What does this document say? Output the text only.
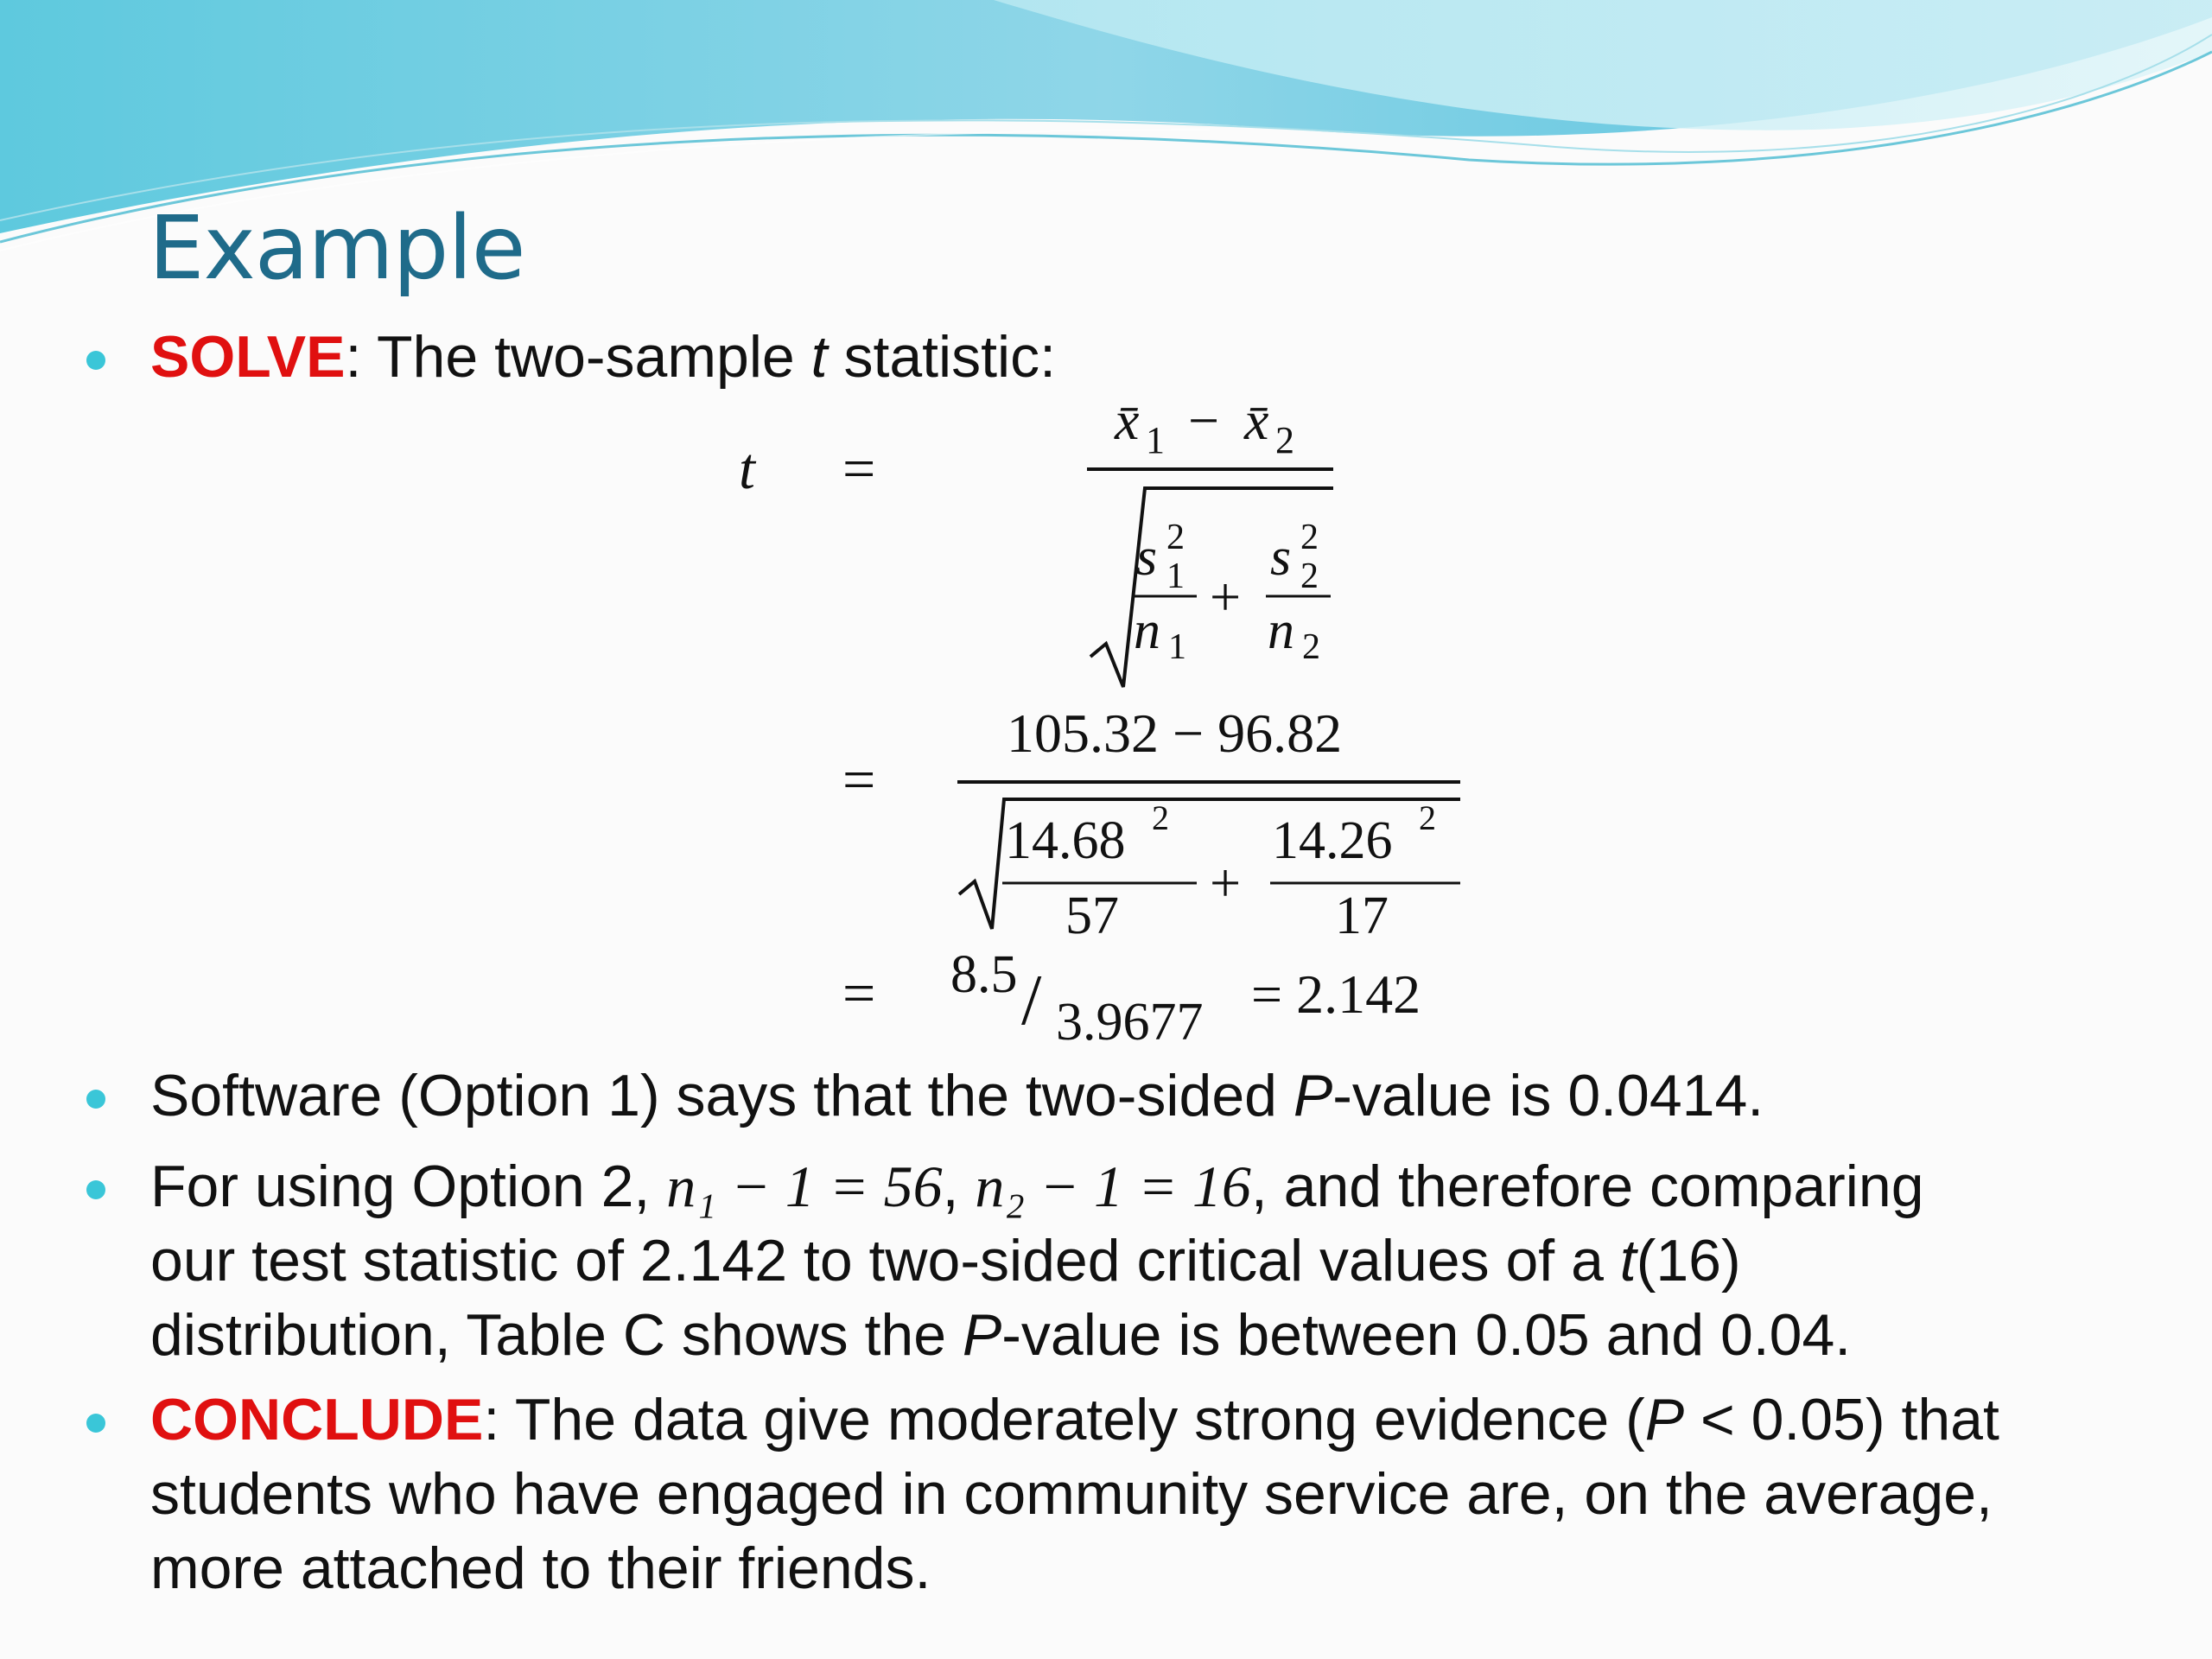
Example
SOLVE: The two-sample t statistic:
Software (Option 1) says that the two-sided P-value is 0.0414.
For using Option 2, n₁ − 1 = 56, n₂ − 1 = 16, and therefore comparing
our test statistic of 2.142 to two-sided critical values of a t(16)
distribution, Table C shows the P-value is between 0.05 and 0.04.
CONCLUDE: The data give moderately strong evidence (P < 0.05) that
students who have engaged in community service are, on the average,
more attached to their friends.
t =
x̄ 1 − x̄ 2
s 2
1
n 1
+
s 2
2
n 2
=
105.32 − 96.82
14.68 2
57
+
14.26 2
17
= 8.5 / 3.9677 = 2.142
